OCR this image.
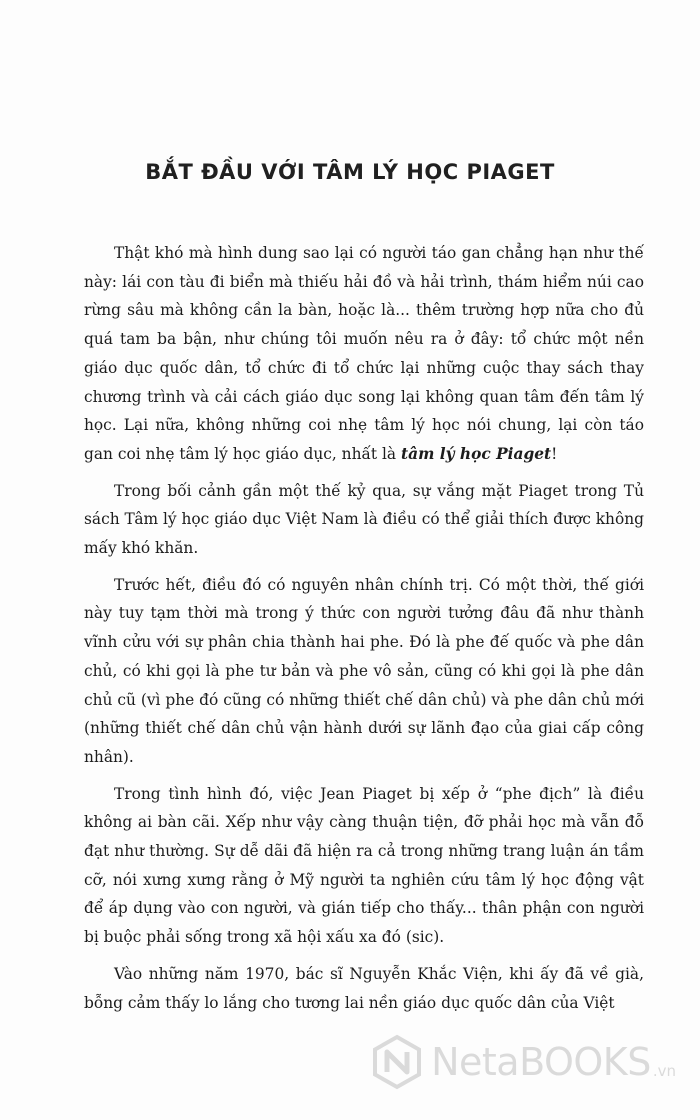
BẮT ĐẦU VỚI TÂM LÝ HỌC PIAGET

Thật khó mà hình dung sao lại có người táo gan chẳng hạn như thế này: lái con tàu đi biển mà thiếu hải đồ và hải trình, thám hiểm núi cao rừng sâu mà không cần la bàn, hoặc là... thêm trường hợp nữa cho đủ quá tam ba bận, như chúng tôi muốn nêu ra ở đây: tổ chức một nền giáo dục quốc dân, tổ chức đi tổ chức lại những cuộc thay sách thay chương trình và cải cách giáo dục song lại không quan tâm đến tâm lý học. Lại nữa, không những coi nhẹ tâm lý học nói chung, lại còn táo gan coi nhẹ tâm lý học giáo dục, nhất là tâm lý học Piaget!

Trong bối cảnh gần một thế kỷ qua, sự vắng mặt Piaget trong Tủ sách Tâm lý học giáo dục Việt Nam là điều có thể giải thích được không mấy khó khăn.

Trước hết, điều đó có nguyên nhân chính trị. Có một thời, thế giới này tuy tạm thời mà trong ý thức con người tưởng đâu đã như thành vĩnh cửu với sự phân chia thành hai phe. Đó là phe đế quốc và phe dân chủ, có khi gọi là phe tư bản và phe vô sản, cũng có khi gọi là phe dân chủ cũ (vì phe đó cũng có những thiết chế dân chủ) và phe dân chủ mới (những thiết chế dân chủ vận hành dưới sự lãnh đạo của giai cấp công nhân).

Trong tình hình đó, việc Jean Piaget bị xếp ở “phe địch” là điều không ai bàn cãi. Xếp như vậy càng thuận tiện, đỡ phải học mà vẫn đỗ đạt như thường. Sự dễ dãi đã hiện ra cả trong những trang luận án tầm cỡ, nói xưng xưng rằng ở Mỹ người ta nghiên cứu tâm lý học động vật để áp dụng vào con người, và gián tiếp cho thấy... thân phận con người bị buộc phải sống trong xã hội xấu xa đó (sic).

Vào những năm 1970, bác sĩ Nguyễn Khắc Viện, khi ấy đã về già, bỗng cảm thấy lo lắng cho tương lai nền giáo dục quốc dân của Việt

NetaBOOKS .vn
